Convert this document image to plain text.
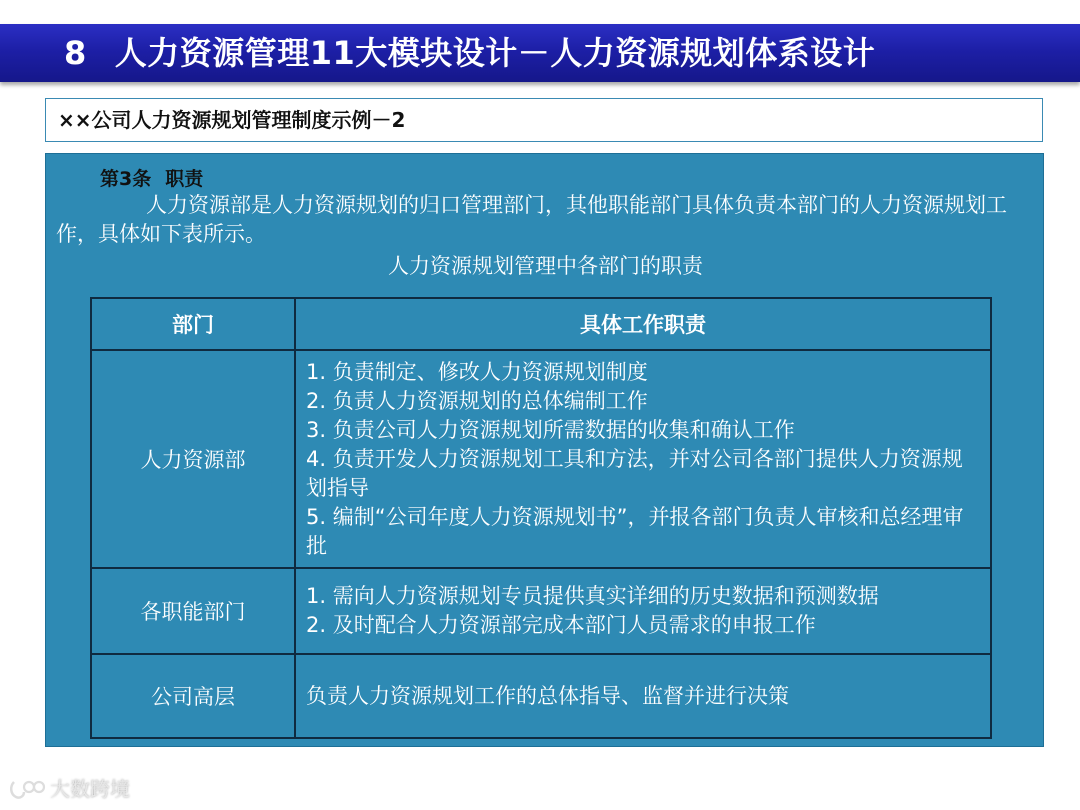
8 人力资源管理11大模块设计－人力资源规划体系设计
××公司人力资源规划管理制度示例－2
第3条 职责
人力资源部是人力资源规划的归口管理部门，其他职能部门具体负责本部门的人力资源规划工作，具体如下表所示。
人力资源规划管理中各部门的职责
部门	具体工作职责
人力资源部	1. 负责制定、修改人力资源规划制度
2. 负责人力资源规划的总体编制工作
3. 负责公司人力资源规划所需数据的收集和确认工作
4. 负责开发人力资源规划工具和方法，并对公司各部门提供人力资源规划指导
5. 编制“公司年度人力资源规划书”，并报各部门负责人审核和总经理审批

各职能部门	1. 需向人力资源规划专员提供真实详细的历史数据和预测数据
2. 及时配合人力资源部完成本部门人员需求的申报工作

公司高层	负责人力资源规划工作的总体指导、监督并进行决策
大数跨境
